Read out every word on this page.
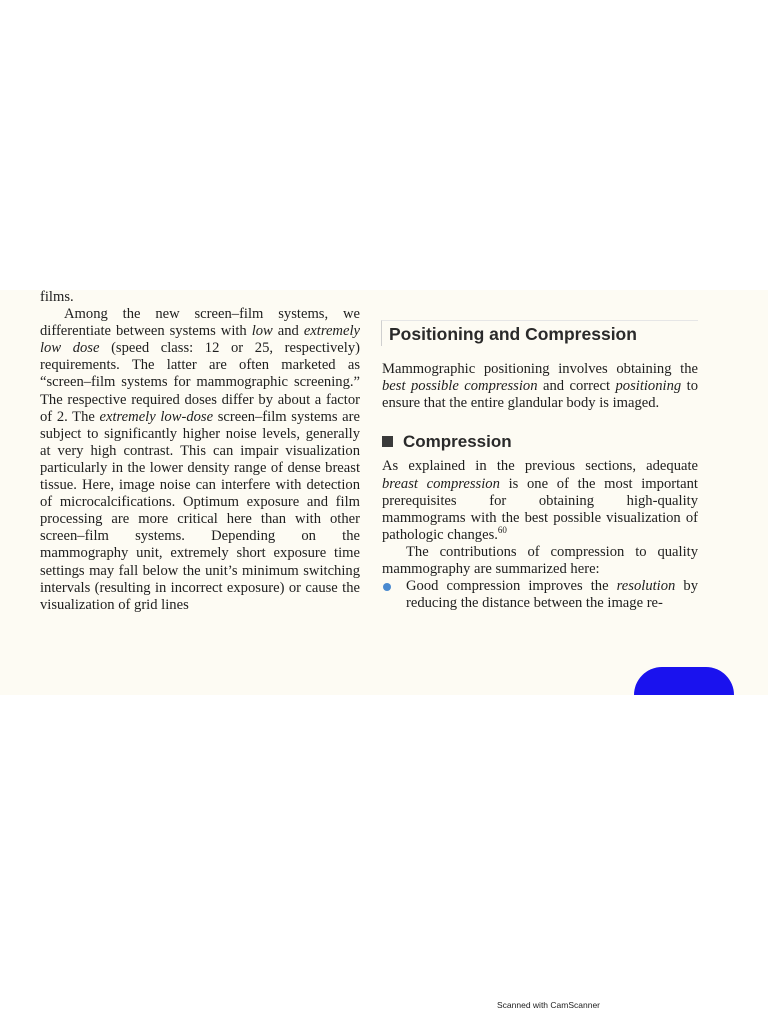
films.

Among the new screen–film systems, we differentiate between systems with low and extremely low dose (speed class: 12 or 25, respectively) requirements. The latter are often marketed as “screen–film systems for mammographic screening.” The respective required doses differ by about a factor of 2. The extremely low-dose screen–film systems are subject to significantly higher noise levels, generally at very high contrast. This can impair visualization particularly in the lower density range of dense breast tissue. Here, image noise can interfere with detection of microcalcifications. Optimum exposure and film processing are more critical here than with other screen–film systems. Depending on the mammography unit, extremely short exposure time settings may fall below the unit’s minimum switching intervals (resulting in incorrect exposure) or cause the visualization of grid lines

Positioning and Compression

Mammographic positioning involves obtaining the best possible compression and correct positioning to ensure that the entire glandular body is imaged.

Compression

As explained in the previous sections, adequate breast compression is one of the most important prerequisites for obtaining high-quality mammograms with the best possible visualization of pathologic changes.$^{60}$

The contributions of compression to quality mammography are summarized here:

Good compression improves the resolution by reducing the distance between the image re-
Scanned with CamScanner
